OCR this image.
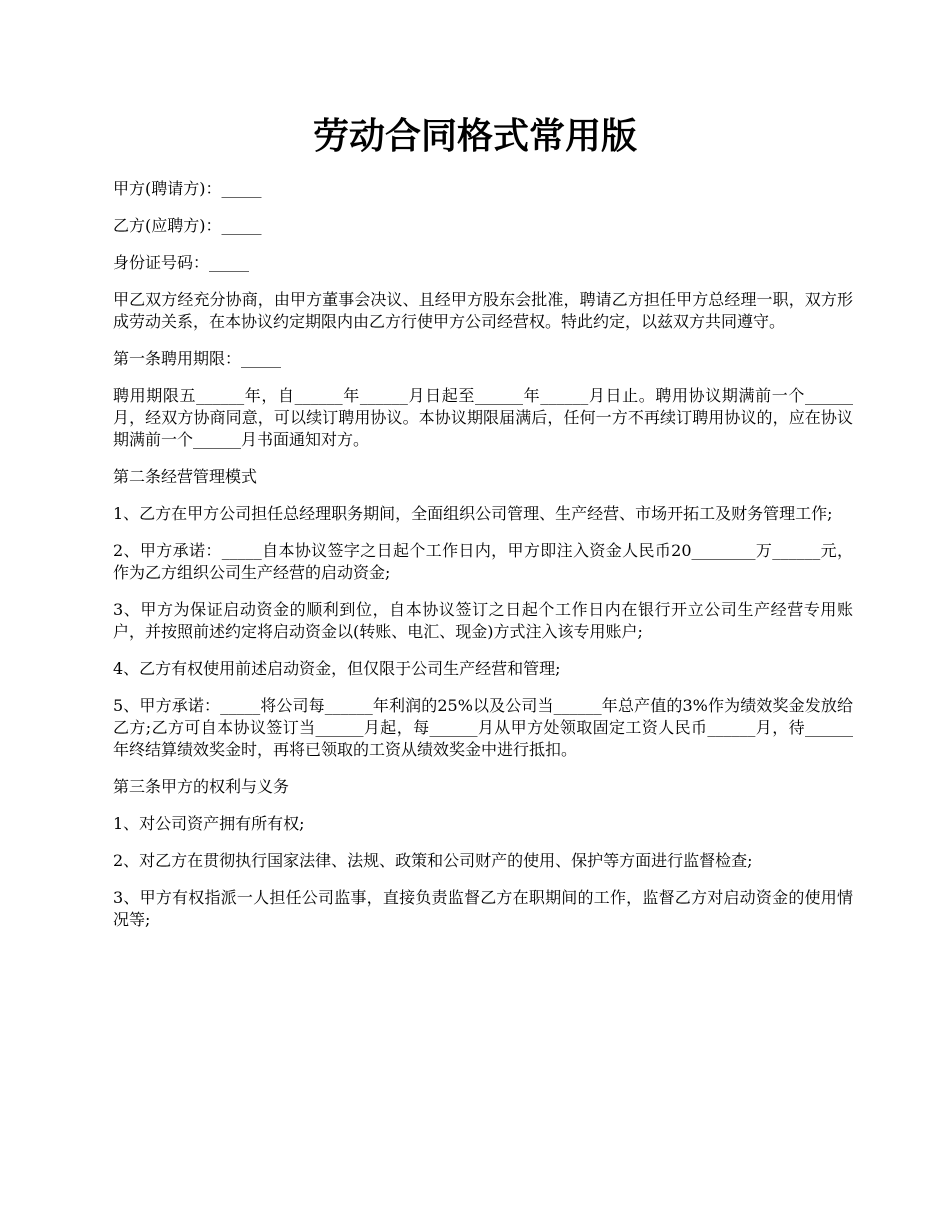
劳动合同格式常用版

甲方(聘请方)：_____

乙方(应聘方)：_____

身份证号码：_____

甲乙双方经充分协商，由甲方董事会决议、且经甲方股东会批准，聘请乙方担任甲方总经理一职，双方形成劳动关系，在本协议约定期限内由乙方行使甲方公司经营权。特此约定，以兹双方共同遵守。

第一条聘用期限：_____

聘用期限五______年，自______年______月日起至______年______月日止。聘用协议期满前一个______月，经双方协商同意，可以续订聘用协议。本协议期限届满后，任何一方不再续订聘用协议的，应在协议期满前一个______月书面通知对方。

第二条经营管理模式

1、乙方在甲方公司担任总经理职务期间，全面组织公司管理、生产经营、市场开拓工及财务管理工作;

2、甲方承诺：_____自本协议签字之日起个工作日内，甲方即注入资金人民币20________万______元，作为乙方组织公司生产经营的启动资金;

3、甲方为保证启动资金的顺利到位，自本协议签订之日起个工作日内在银行开立公司生产经营专用账户，并按照前述约定将启动资金以(转账、电汇、现金)方式注入该专用账户;

4、乙方有权使用前述启动资金，但仅限于公司生产经营和管理;

5、甲方承诺：_____将公司每______年利润的25%以及公司当______年总产值的3%作为绩效奖金发放给乙方;乙方可自本协议签订当______月起，每______月从甲方处领取固定工资人民币______月，待______年终结算绩效奖金时，再将已领取的工资从绩效奖金中进行抵扣。

第三条甲方的权利与义务

1、对公司资产拥有所有权;

2、对乙方在贯彻执行国家法律、法规、政策和公司财产的使用、保护等方面进行监督检查;

3、甲方有权指派一人担任公司监事，直接负责监督乙方在职期间的工作，监督乙方对启动资金的使用情况等;
